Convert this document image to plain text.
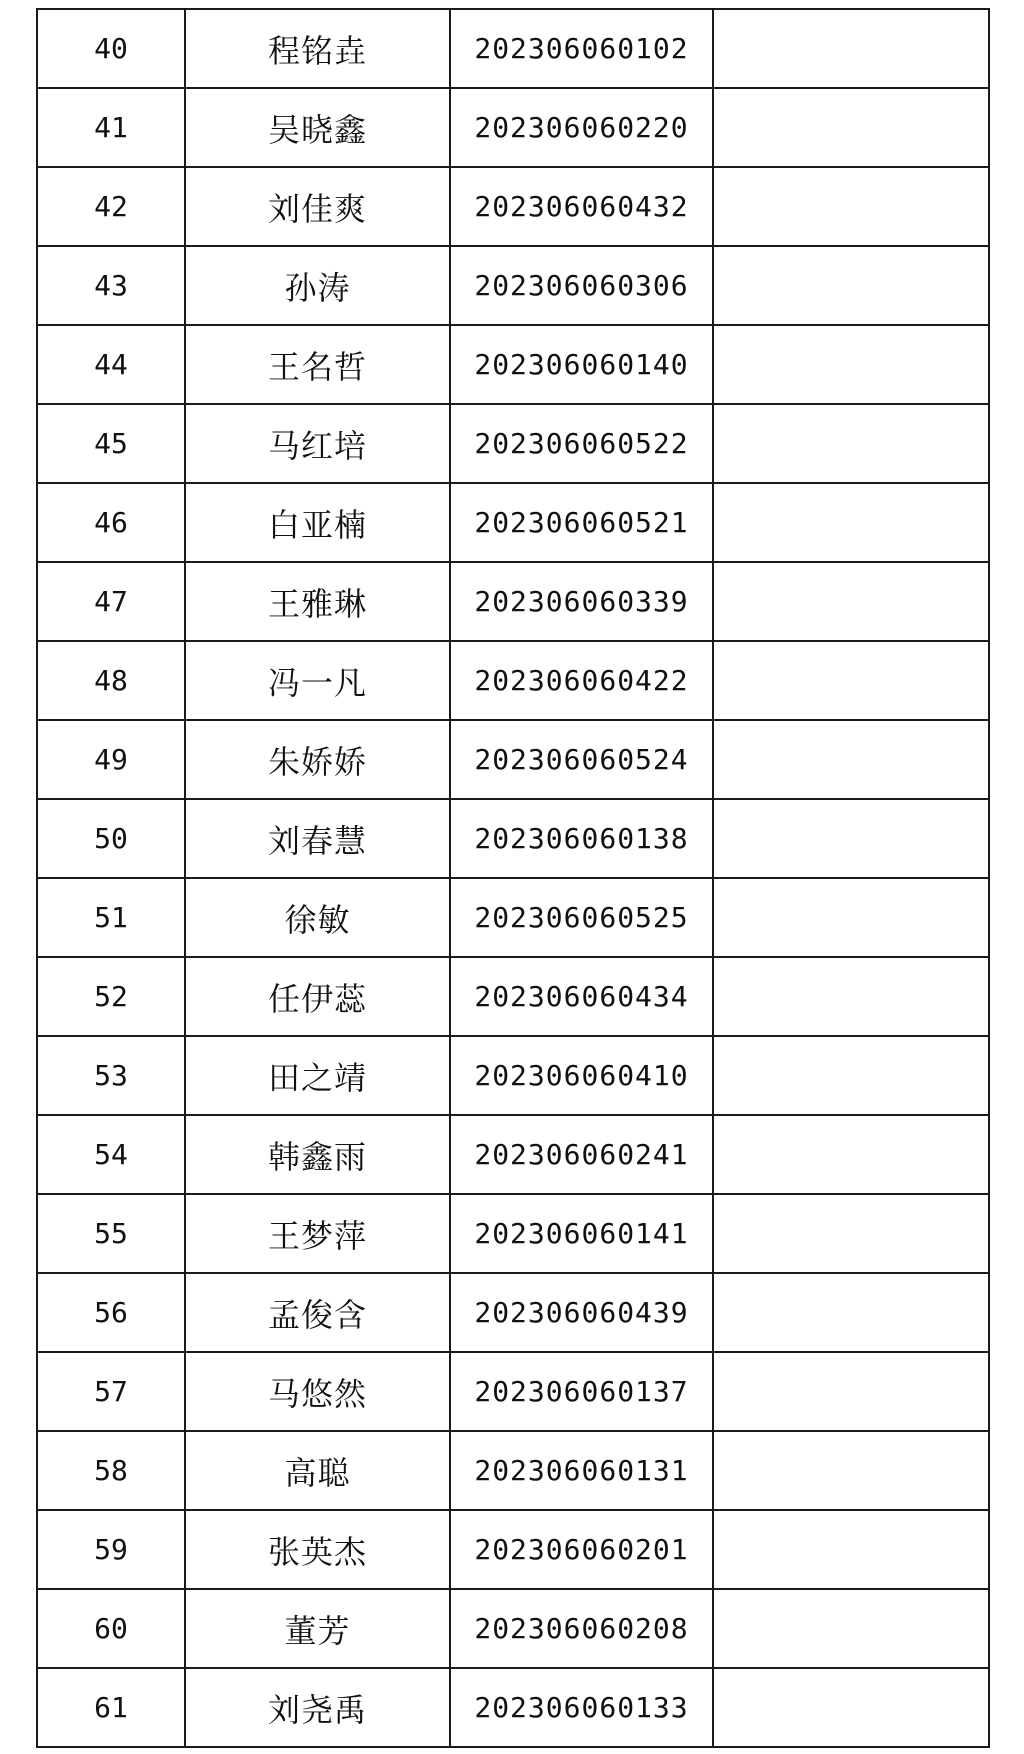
40	程铭垚	202306060102	
41	吴晓鑫	202306060220	
42	刘佳爽	202306060432	
43	孙涛	202306060306	
44	王名哲	202306060140	
45	马红培	202306060522	
46	白亚楠	202306060521	
47	王雅琳	202306060339	
48	冯一凡	202306060422	
49	朱娇娇	202306060524	
50	刘春慧	202306060138	
51	徐敏	202306060525	
52	任伊蕊	202306060434	
53	田之靖	202306060410	
54	韩鑫雨	202306060241	
55	王梦萍	202306060141	
56	孟俊含	202306060439	
57	马悠然	202306060137	
58	高聪	202306060131	
59	张英杰	202306060201	
60	董芳	202306060208	
61	刘尧禹	202306060133	
